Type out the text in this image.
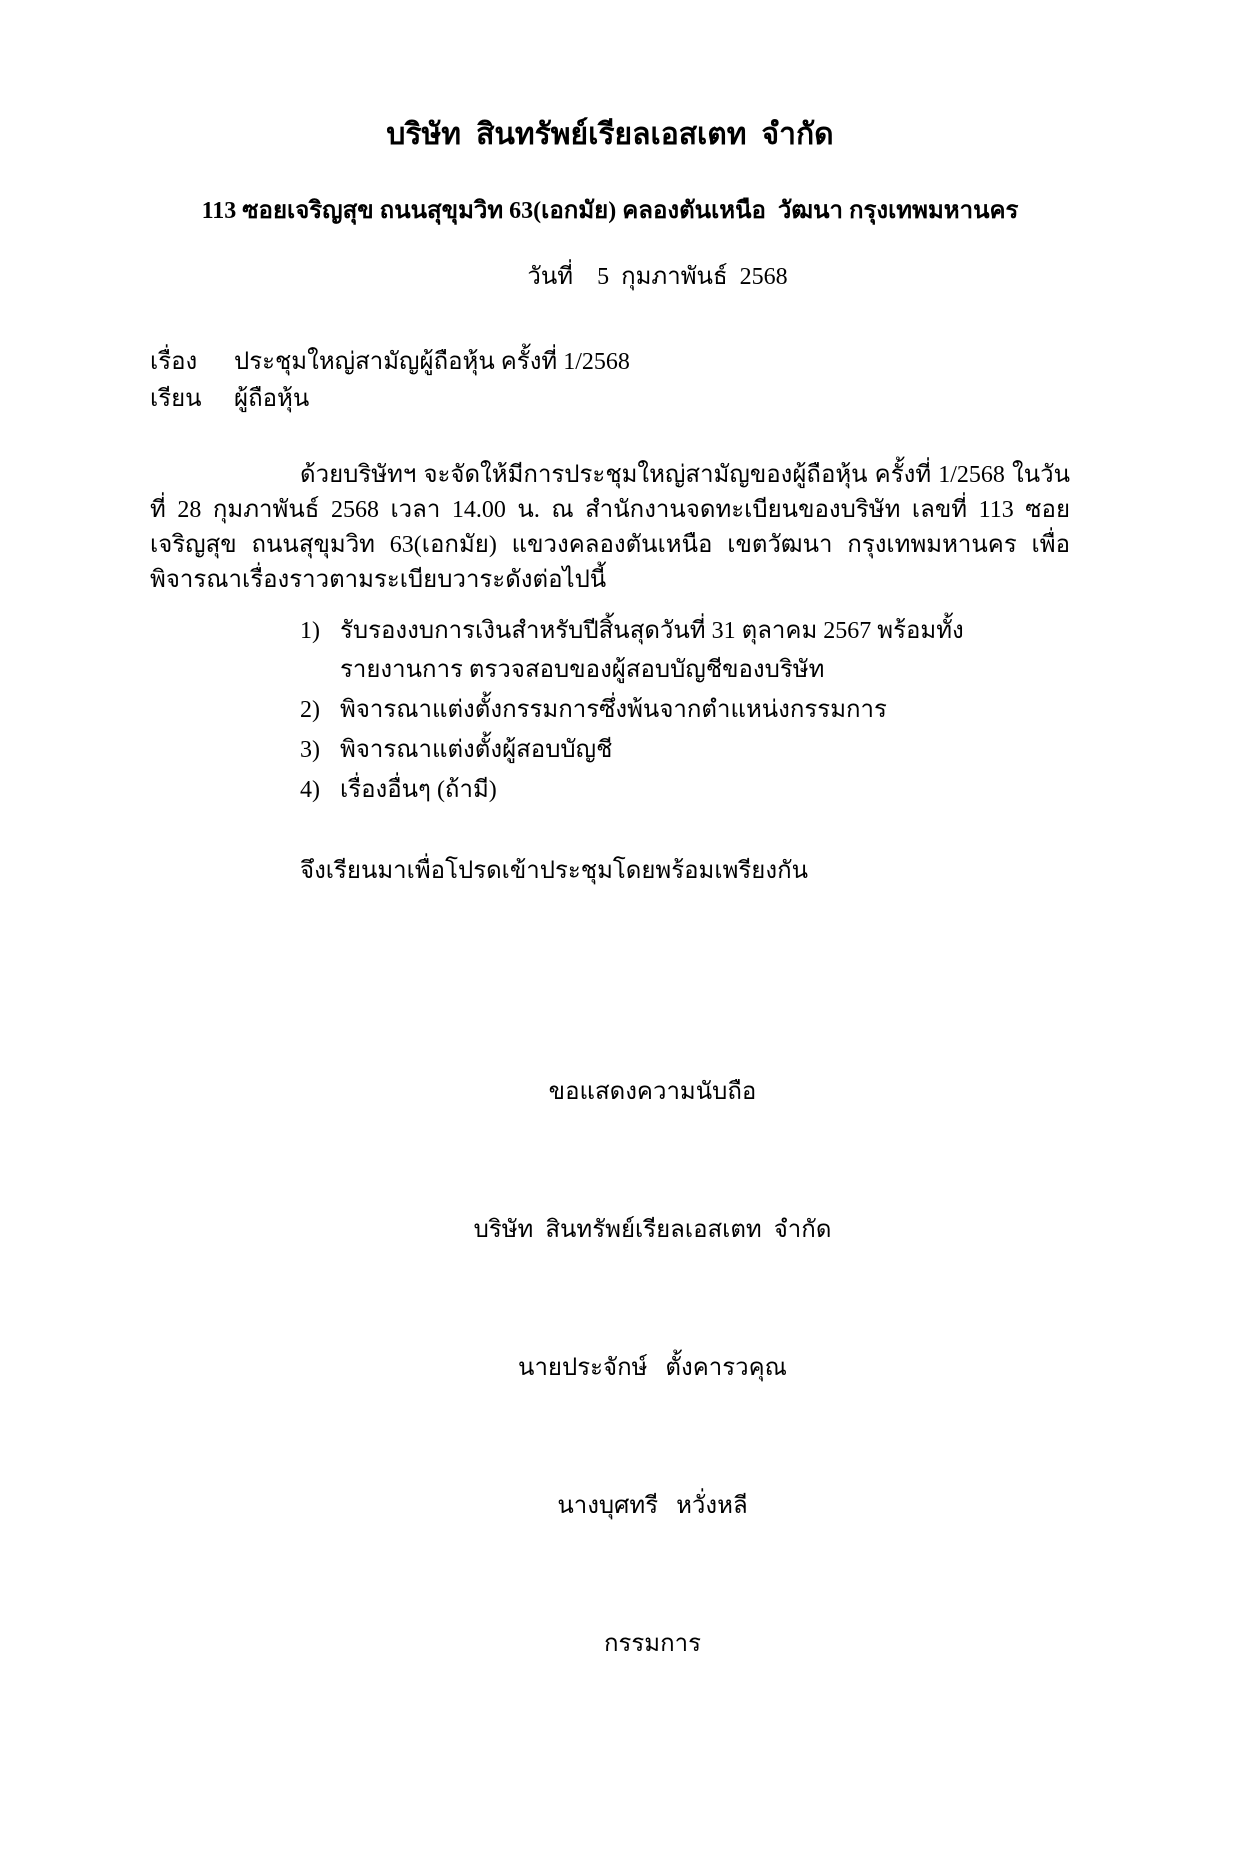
บริษัท  สินทรัพย์เรียลเอสเตท  จำกัด
113 ซอยเจริญสุข ถนนสุขุมวิท 63(เอกมัย) คลองตันเหนือ  วัฒนา กรุงเทพมหานคร
วันที่    5  กุมภาพันธ์  2568
เรื่อง	ประชุมใหญ่สามัญผู้ถือหุ้น ครั้งที่ 1/2568
เรียน	ผู้ถือหุ้น
ด้วยบริษัทฯ จะจัดให้มีการประชุมใหญ่สามัญของผู้ถือหุ้น ครั้งที่ 1/2568 ในวันที่ 28 กุมภาพันธ์ 2568 เวลา 14.00 น. ณ สำนักงานจดทะเบียนของบริษัท เลขที่ 113 ซอยเจริญสุข ถนนสุขุมวิท 63(เอกมัย) แขวงคลองตันเหนือ เขตวัฒนา กรุงเทพมหานคร เพื่อพิจารณาเรื่องราวตามระเบียบวาระดังต่อไปนี้
1) รับรองงบการเงินสำหรับปีสิ้นสุดวันที่ 31 ตุลาคม 2567 พร้อมทั้งรายงานการ ตรวจสอบของผู้สอบบัญชีของบริษัท
2) พิจารณาแต่งตั้งกรรมการซึ่งพ้นจากตำแหน่งกรรมการ
3) พิจารณาแต่งตั้งผู้สอบบัญชี
4) เรื่องอื่นๆ (ถ้ามี)
จึงเรียนมาเพื่อโปรดเข้าประชุมโดยพร้อมเพรียงกัน

ขอแสดงความนับถือ

บริษัท  สินทรัพย์เรียลเอสเตท  จำกัด

นายประจักษ์   ตั้งคารวคุณ

นางบุศทรี   หวั่งหลี

กรรมการ
